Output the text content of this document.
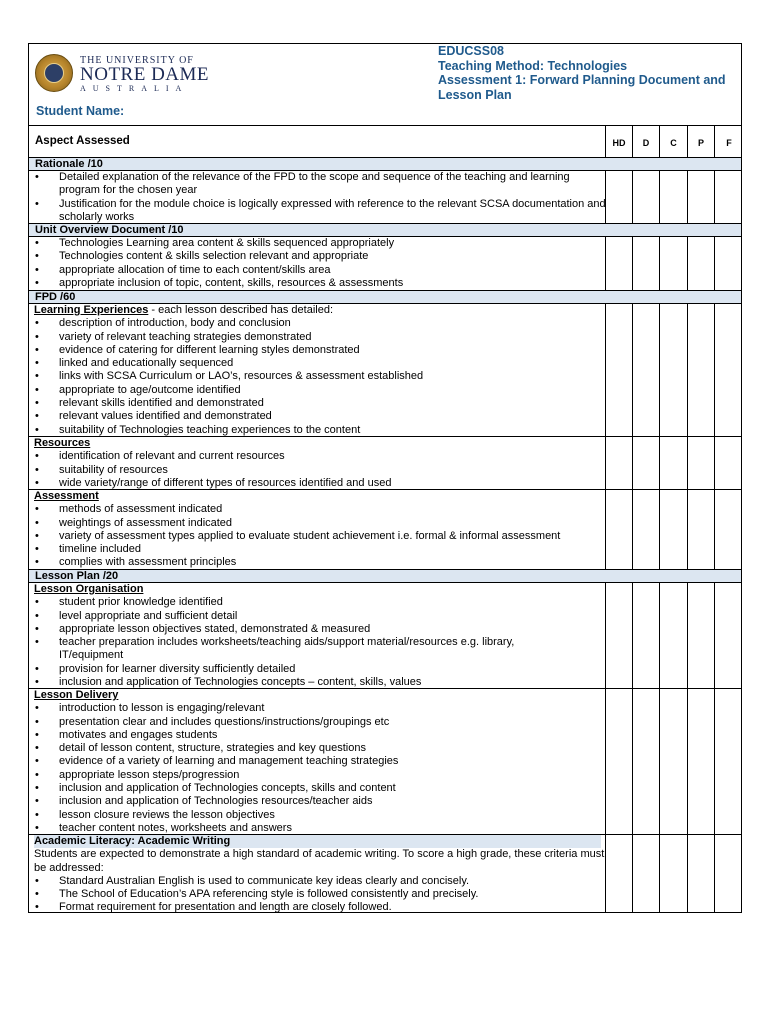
THE UNIVERSITY OF
NOTRE DAME
AUSTRALIA
EDUCSS08
Teaching Method: Technologies
Assessment 1: Forward Planning Document and Lesson Plan
Student Name:
Aspect Assessed	HD	D	C	P	F
Rationale /10
• Detailed explanation of the relevance of the FPD to the scope and sequence of the teaching and learning program for the chosen year
• Justification for the module choice is logically expressed with reference to the relevant SCSA documentation and scholarly works
Unit Overview Document /10
• Technologies Learning area content & skills sequenced appropriately
• Technologies content & skills selection relevant and appropriate
• appropriate allocation of time to each content/skills area
• appropriate inclusion of topic, content, skills, resources & assessments
FPD /60
Learning Experiences - each lesson described has detailed:
• description of introduction, body and conclusion
• variety of relevant teaching strategies demonstrated
• evidence of catering for different learning styles demonstrated
• linked and educationally sequenced
• links with SCSA Curriculum or LAO’s, resources & assessment established
• appropriate to age/outcome identified
• relevant skills identified and demonstrated
• relevant values identified and demonstrated
• suitability of Technologies teaching experiences to the content
Resources
• identification of relevant and current resources
• suitability of resources
• wide variety/range of different types of resources identified and used
Assessment
• methods of assessment indicated
• weightings of assessment indicated
• variety of assessment types applied to evaluate student achievement i.e. formal & informal assessment
• timeline included
• complies with assessment principles
Lesson Plan /20
Lesson Organisation
• student prior knowledge identified
• level appropriate and sufficient detail
• appropriate lesson objectives stated, demonstrated & measured
• teacher preparation includes worksheets/teaching aids/support material/resources e.g. library, IT/equipment
• provision for learner diversity sufficiently detailed
• inclusion and application of Technologies concepts – content, skills, values
Lesson Delivery
• introduction to lesson is engaging/relevant
• presentation clear and includes questions/instructions/groupings etc
• motivates and engages students
• detail of lesson content, structure, strategies and key questions
• evidence of a variety of learning and management teaching strategies
• appropriate lesson steps/progression
• inclusion and application of Technologies concepts, skills and content
• inclusion and application of Technologies resources/teacher aids
• lesson closure reviews the lesson objectives
• teacher content notes, worksheets and answers
Academic Literacy: Academic Writing
Students are expected to demonstrate a high standard of academic writing. To score a high grade, these criteria must be addressed:
• Standard Australian English is used to communicate key ideas clearly and concisely.
• The School of Education’s APA referencing style is followed consistently and precisely.
• Format requirement for presentation and length are closely followed.
